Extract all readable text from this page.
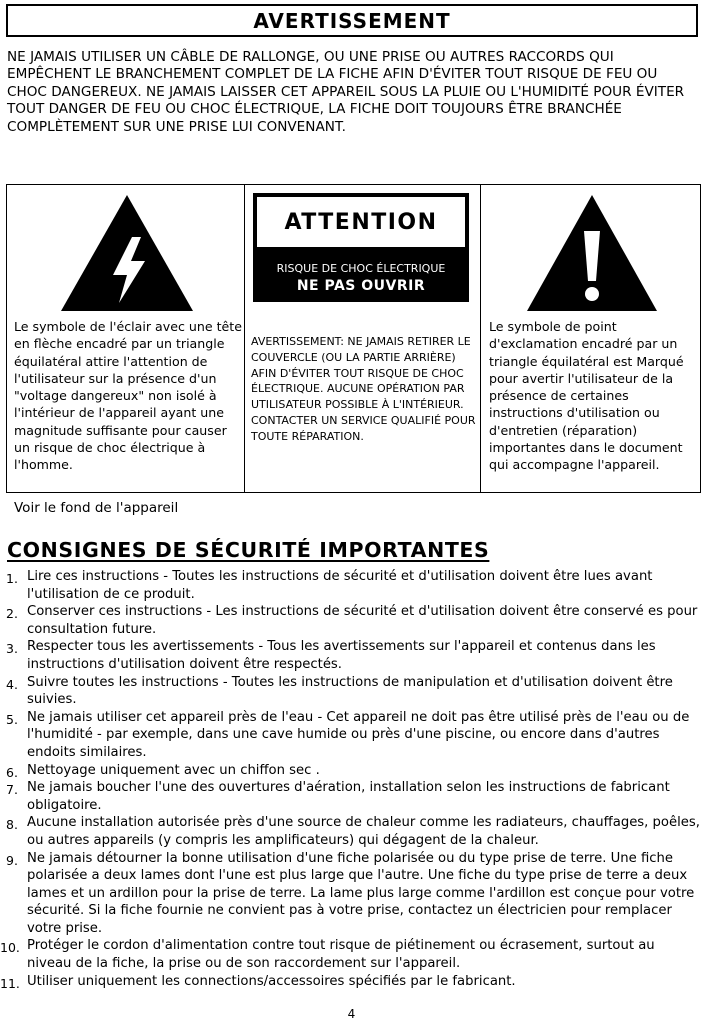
AVERTISSEMENT
NE JAMAIS UTILISER UN CÂBLE DE RALLONGE, OU UNE PRISE OU AUTRES RACCORDS QUI EMPÊCHENT LE BRANCHEMENT COMPLET DE LA FICHE AFIN D'ÉVITER TOUT RISQUE DE FEU OU CHOC DANGEREUX. NE JAMAIS LAISSER CET APPAREIL SOUS LA PLUIE OU L'HUMIDITÉ POUR ÉVITER TOUT DANGER DE FEU OU CHOC ÉLECTRIQUE, LA FICHE DOIT TOUJOURS ÊTRE BRANCHÉE COMPLÈTEMENT SUR UNE PRISE LUI CONVENANT.
Le symbole de l'éclair avec une tête en flèche encadré par un triangle équilatéral attire l'attention de l'utilisateur sur la présence d'un "voltage dangereux" non isolé à l'intérieur de l'appareil ayant une magnitude suffisante pour causer un risque de choc électrique à l'homme.
ATTENTION
RISQUE DE CHOC ÉLECTRIQUE
NE PAS OUVRIR
AVERTISSEMENT: NE JAMAIS RETIRER LE COUVERCLE (OU LA PARTIE ARRIÈRE) AFIN D'ÉVITER TOUT RISQUE DE CHOC ÉLECTRIQUE. AUCUNE OPÉRATION PAR UTILISATEUR POSSIBLE À L'INTÉRIEUR. CONTACTER UN SERVICE QUALIFIÉ POUR TOUTE RÉPARATION.
Le symbole de point d'exclamation encadré par un triangle équilatéral est Marqué pour avertir l'utilisateur de la présence de certaines instructions d'utilisation ou d'entretien (réparation) importantes dans le document qui accompagne l'appareil.
Voir le fond de l'appareil
CONSIGNES DE SÉCURITÉ IMPORTANTES
1. Lire ces instructions - Toutes les instructions de sécurité et d'utilisation doivent être lues avant l'utilisation de ce produit.
2. Conserver ces instructions - Les instructions de sécurité et d'utilisation doivent être conservé es pour consultation future.
3. Respecter tous les avertissements - Tous les avertissements sur l'appareil et contenus dans les instructions d'utilisation doivent être respectés.
4. Suivre toutes les instructions - Toutes les instructions de manipulation et d'utilisation doivent être suivies.
5. Ne jamais utiliser cet appareil près de l'eau - Cet appareil ne doit pas être utilisé près de l'eau ou de l'humidité - par exemple, dans une cave humide ou près d'une piscine, ou encore dans d'autres endoits similaires.
6. Nettoyage uniquement avec un chiffon sec .
7. Ne jamais boucher l'une des ouvertures d'aération, installation selon les instructions de fabricant obligatoire.
8. Aucune installation autorisée près d'une source de chaleur comme les radiateurs, chauffages, poêles, ou autres appareils (y compris les amplificateurs) qui dégagent de la chaleur.
9. Ne jamais détourner la bonne utilisation d'une fiche polarisée ou du type prise de terre. Une fiche polarisée a deux lames dont l'une est plus large que l'autre. Une fiche du type prise de terre a deux lames et un ardillon pour la prise de terre. La lame plus large comme l'ardillon est conçue pour votre sécurité. Si la fiche fournie ne convient pas à votre prise, contactez un électricien pour remplacer votre prise.
10. Protéger le cordon d'alimentation contre tout risque de piétinement ou écrasement, surtout au niveau de la fiche, la prise ou de son raccordement sur l'appareil.
11. Utiliser uniquement les connections/accessoires spécifiés par le fabricant.
4
